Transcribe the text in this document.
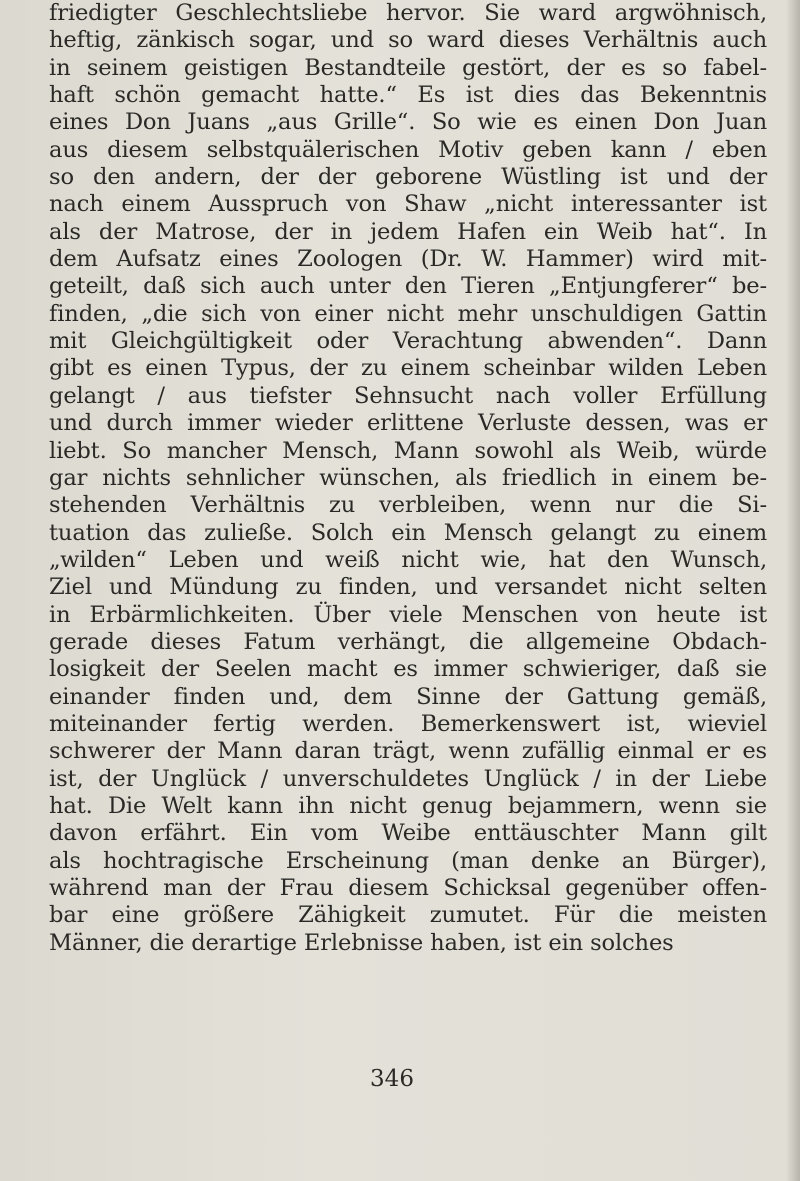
friedigter Geschlechtsliebe hervor. Sie ward argwöhnisch,
heftig, zänkisch sogar, und so ward dieses Verhältnis auch
in seinem geistigen Bestandteile gestört, der es so fabel-
haft schön gemacht hatte.“ Es ist dies das Bekenntnis
eines Don Juans „aus Grille“. So wie es einen Don Juan
aus diesem selbstquälerischen Motiv geben kann / eben
so den andern, der der geborene Wüstling ist und der
nach einem Ausspruch von Shaw „nicht interessanter ist
als der Matrose, der in jedem Hafen ein Weib hat“. In
dem Aufsatz eines Zoologen (Dr. W. Hammer) wird mit-
geteilt, daß sich auch unter den Tieren „Entjungferer“ be-
finden, „die sich von einer nicht mehr unschuldigen Gattin
mit Gleichgültigkeit oder Verachtung abwenden“. Dann
gibt es einen Typus, der zu einem scheinbar wilden Leben
gelangt / aus tiefster Sehnsucht nach voller Erfüllung
und durch immer wieder erlittene Verluste dessen, was er
liebt. So mancher Mensch, Mann sowohl als Weib, würde
gar nichts sehnlicher wünschen, als friedlich in einem be-
stehenden Verhältnis zu verbleiben, wenn nur die Si-
tuation das zuließe. Solch ein Mensch gelangt zu einem
„wilden“ Leben und weiß nicht wie, hat den Wunsch,
Ziel und Mündung zu finden, und versandet nicht selten
in Erbärmlichkeiten. Über viele Menschen von heute ist
gerade dieses Fatum verhängt, die allgemeine Obdach-
losigkeit der Seelen macht es immer schwieriger, daß sie
einander finden und, dem Sinne der Gattung gemäß,
miteinander fertig werden. Bemerkenswert ist, wieviel
schwerer der Mann daran trägt, wenn zufällig einmal er es
ist, der Unglück / unverschuldetes Unglück / in der Liebe
hat. Die Welt kann ihn nicht genug bejammern, wenn sie
davon erfährt. Ein vom Weibe enttäuschter Mann gilt
als hochtragische Erscheinung (man denke an Bürger),
während man der Frau diesem Schicksal gegenüber offen-
bar eine größere Zähigkeit zumutet. Für die meisten
Männer, die derartige Erlebnisse haben, ist ein solches
346
